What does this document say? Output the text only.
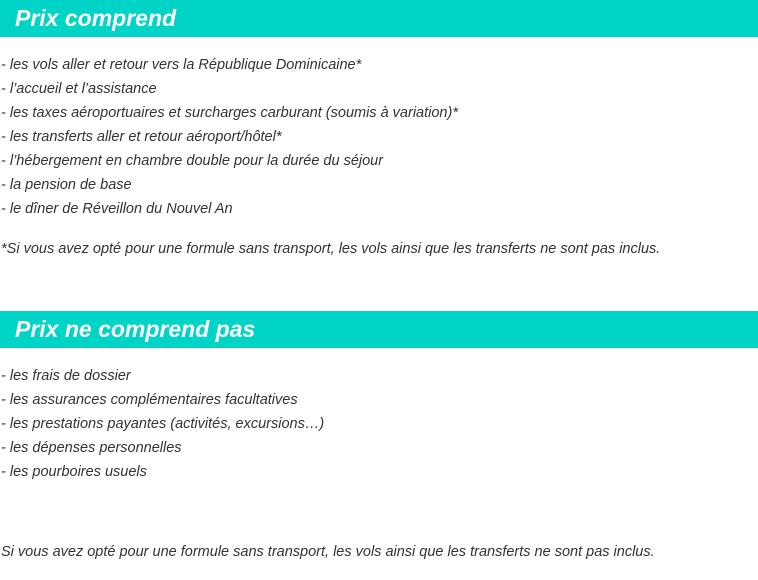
Prix comprend
- les vols aller et retour vers la République Dominicaine*
- l’accueil et l’assistance
- les taxes aéroportuaires et surcharges carburant (soumis à variation)*
- les transferts aller et retour aéroport/hôtel*
- l’hébergement en chambre double pour la durée du séjour
- la pension de base
- le dîner de Réveillon du Nouvel An

*Si vous avez opté pour une formule sans transport, les vols ainsi que les transferts ne sont pas inclus.

Prix ne comprend pas
- les frais de dossier
- les assurances complémentaires facultatives
- les prestations payantes (activités, excursions…)
- les dépenses personnelles
- les pourboires usuels

Si vous avez opté pour une formule sans transport, les vols ainsi que les transferts ne sont pas inclus.
